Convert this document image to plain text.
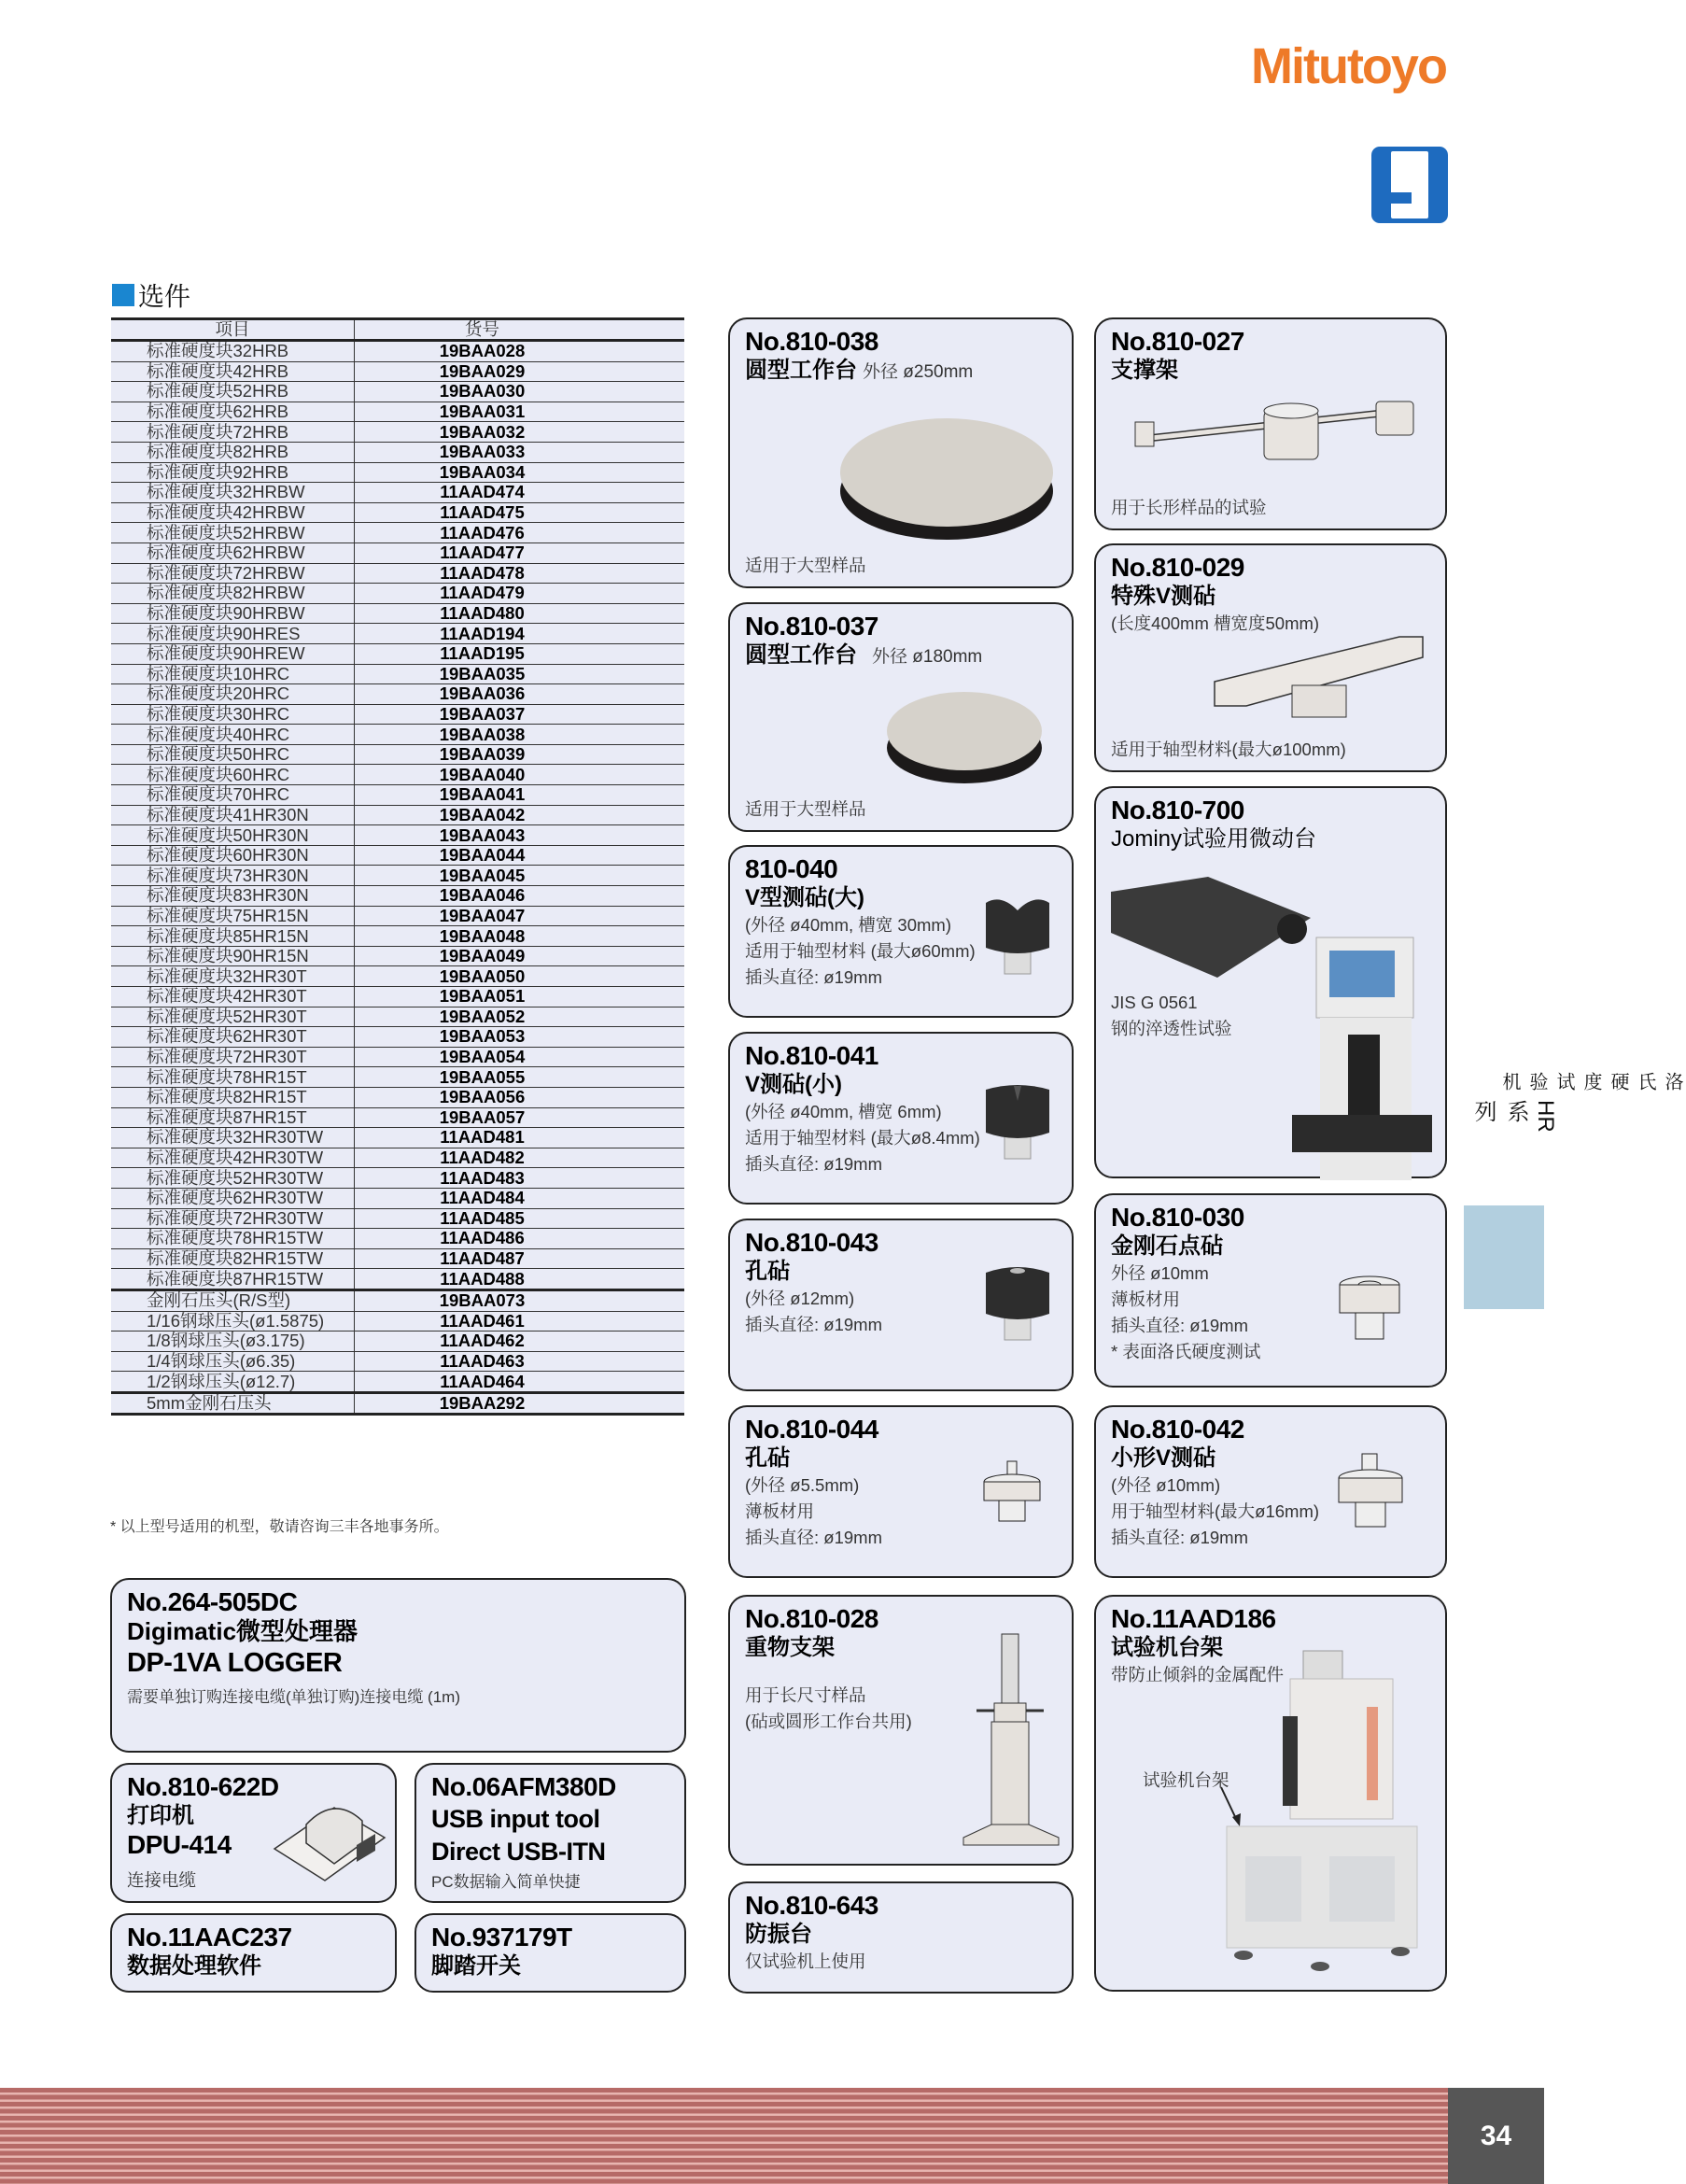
Mitutoyo
选件
项目	货号
标准硬度块32HRB	19BAA028
标准硬度块42HRB	19BAA029
标准硬度块52HRB	19BAA030
标准硬度块62HRB	19BAA031
标准硬度块72HRB	19BAA032
标准硬度块82HRB	19BAA033
标准硬度块92HRB	19BAA034
标准硬度块32HRBW	11AAD474
标准硬度块42HRBW	11AAD475
标准硬度块52HRBW	11AAD476
标准硬度块62HRBW	11AAD477
标准硬度块72HRBW	11AAD478
标准硬度块82HRBW	11AAD479
标准硬度块90HRBW	11AAD480
标准硬度块90HRES	11AAD194
标准硬度块90HREW	11AAD195
标准硬度块10HRC	19BAA035
标准硬度块20HRC	19BAA036
标准硬度块30HRC	19BAA037
标准硬度块40HRC	19BAA038
标准硬度块50HRC	19BAA039
标准硬度块60HRC	19BAA040
标准硬度块70HRC	19BAA041
标准硬度块41HR30N	19BAA042
标准硬度块50HR30N	19BAA043
标准硬度块60HR30N	19BAA044
标准硬度块73HR30N	19BAA045
标准硬度块83HR30N	19BAA046
标准硬度块75HR15N	19BAA047
标准硬度块85HR15N	19BAA048
标准硬度块90HR15N	19BAA049
标准硬度块32HR30T	19BAA050
标准硬度块42HR30T	19BAA051
标准硬度块52HR30T	19BAA052
标准硬度块62HR30T	19BAA053
标准硬度块72HR30T	19BAA054
标准硬度块78HR15T	19BAA055
标准硬度块82HR15T	19BAA056
标准硬度块87HR15T	19BAA057
标准硬度块32HR30TW	11AAD481
标准硬度块42HR30TW	11AAD482
标准硬度块52HR30TW	11AAD483
标准硬度块62HR30TW	11AAD484
标准硬度块72HR30TW	11AAD485
标准硬度块78HR15TW	11AAD486
标准硬度块82HR15TW	11AAD487
标准硬度块87HR15TW	11AAD488
金刚石压头(R/S型)	19BAA073
1/16钢球压头(ø1.5875)	11AAD461
1/8钢球压头(ø3.175)	11AAD462
1/4钢球压头(ø6.35)	11AAD463
1/2钢球压头(ø12.7)	11AAD464
5mm金刚石压头	19BAA292
* 以上型号适用的机型，敬请咨询三丰各地事务所。
No.264-505DC
Digimatic微型处理器
DP-1VA LOGGER
需要单独订购连接电缆(单独订购)连接电缆 (1m)
No.810-622D
打印机
DPU-414
连接电缆
No.06AFM380D
USB input tool
Direct USB-ITN
PC数据输入简单快捷
No.11AAC237
数据处理软件
No.937179T
脚踏开关
No.810-038
圆型工作台 外径 ø250mm
适用于大型样品
No.810-037
圆型工作台 外径 ø180mm
适用于大型样品
810-040
V型测砧(大)
(外径 ø40mm, 槽宽 30mm)
适用于轴型材料 (最大ø60mm)
插头直径: ø19mm
No.810-041
V测砧(小)
(外径 ø40mm, 槽宽 6mm)
适用于轴型材料 (最大ø8.4mm)
插头直径: ø19mm
No.810-043
孔砧
(外径 ø12mm)
插头直径: ø19mm
No.810-044
孔砧
(外径 ø5.5mm)
薄板材用
插头直径: ø19mm
No.810-028
重物支架
用于长尺寸样品
(砧或圆形工作台共用)
No.810-643
防振台
仅试验机上使用
No.810-027
支撑架
用于长形样品的试验
No.810-029
特殊V测砧
(长度400mm 槽宽度50mm)
适用于轴型材料(最大ø100mm)
No.810-700
Jominy试验用微动台
JIS G 0561
钢的淬透性试验
No.810-030
金刚石点砧
外径 ø10mm
薄板材用
插头直径: ø19mm
* 表面洛氏硬度测试
No.810-042
小形V测砧
(外径 ø10mm)
用于轴型材料(最大ø16mm)
插头直径: ø19mm
No.11AAD186
试验机台架
带防止倾斜的金属配件
试验机台架
洛氏硬度试验机
HR系列
34
